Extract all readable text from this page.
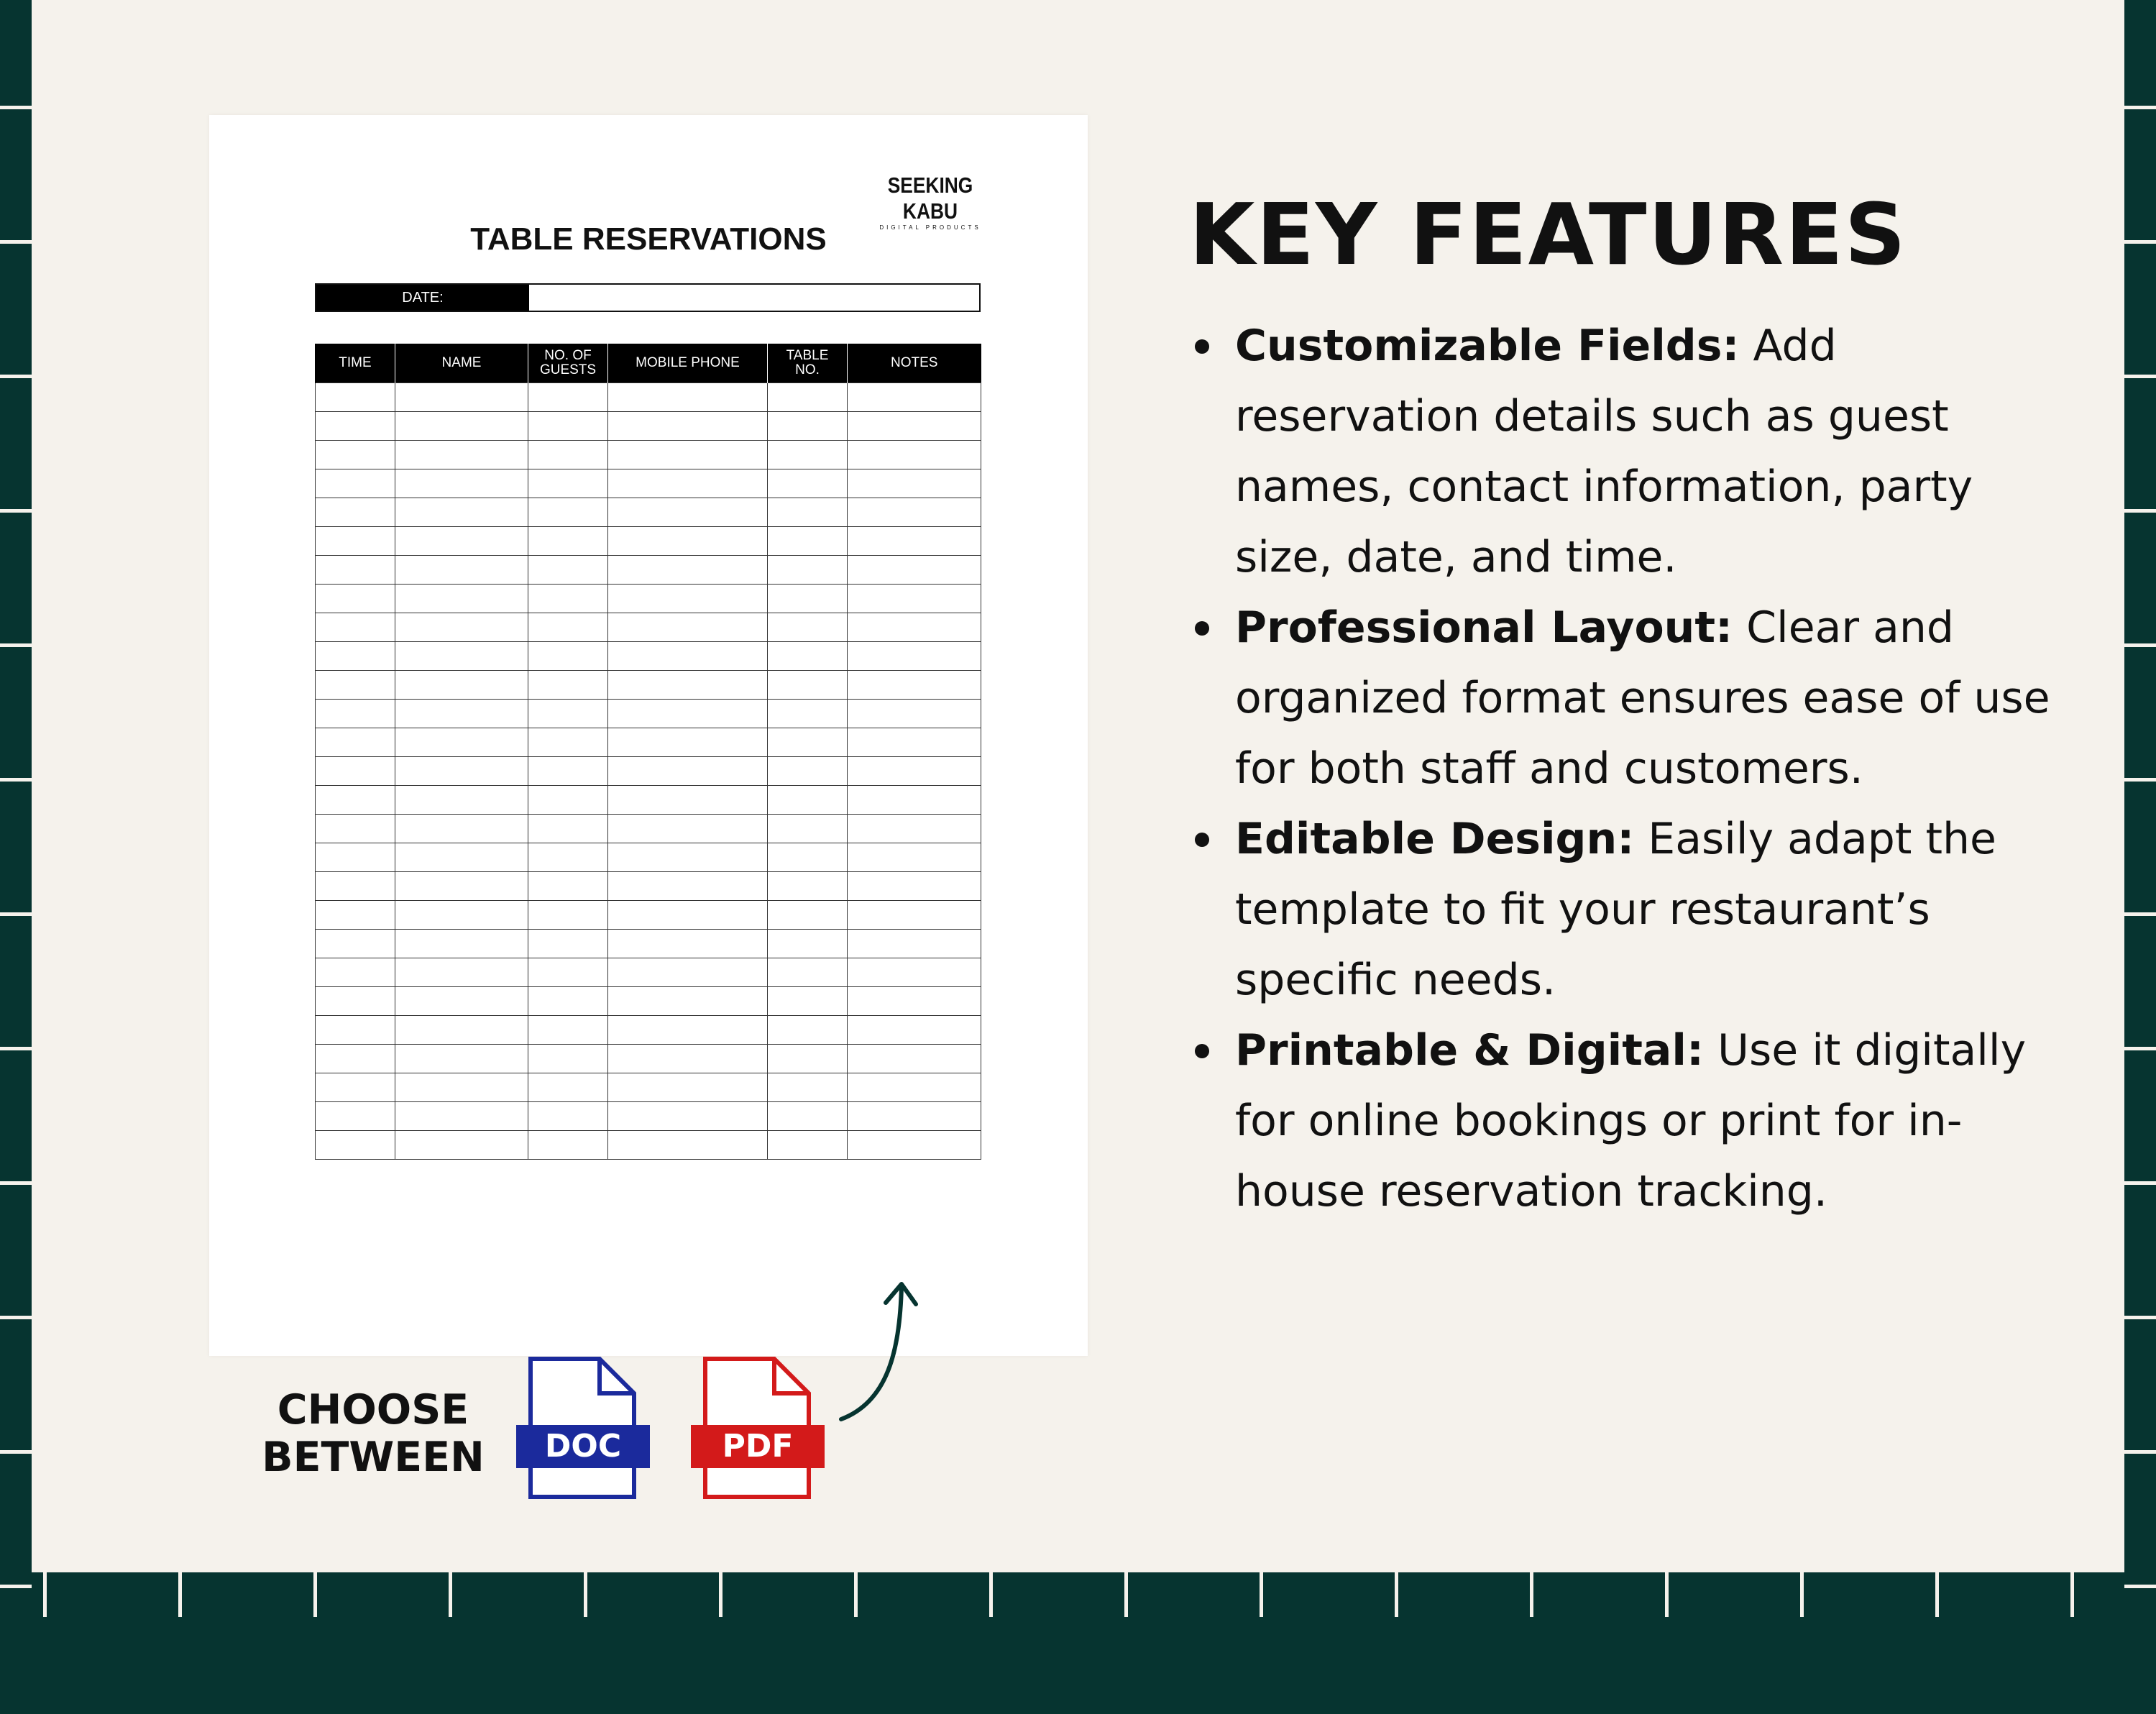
SEEKING KABU
DIGITAL PRODUCTS
TABLE RESERVATIONS
DATE:
TIME	NAME	NO. OF GUESTS	MOBILE PHONE	TABLE NO.	NOTES

CHOOSE
BETWEEN DOC	PDF
KEY FEATURES
Customizable Fields: Add reservation details such as guest names, contact information, party size, date, and time.
Professional Layout: Clear and organized format ensures ease of use for both staff and customers.
Editable Design: Easily adapt the template to fit your restaurant’s specific needs.
Printable & Digital: Use it digitally for online bookings or print for in-house reservation tracking.
